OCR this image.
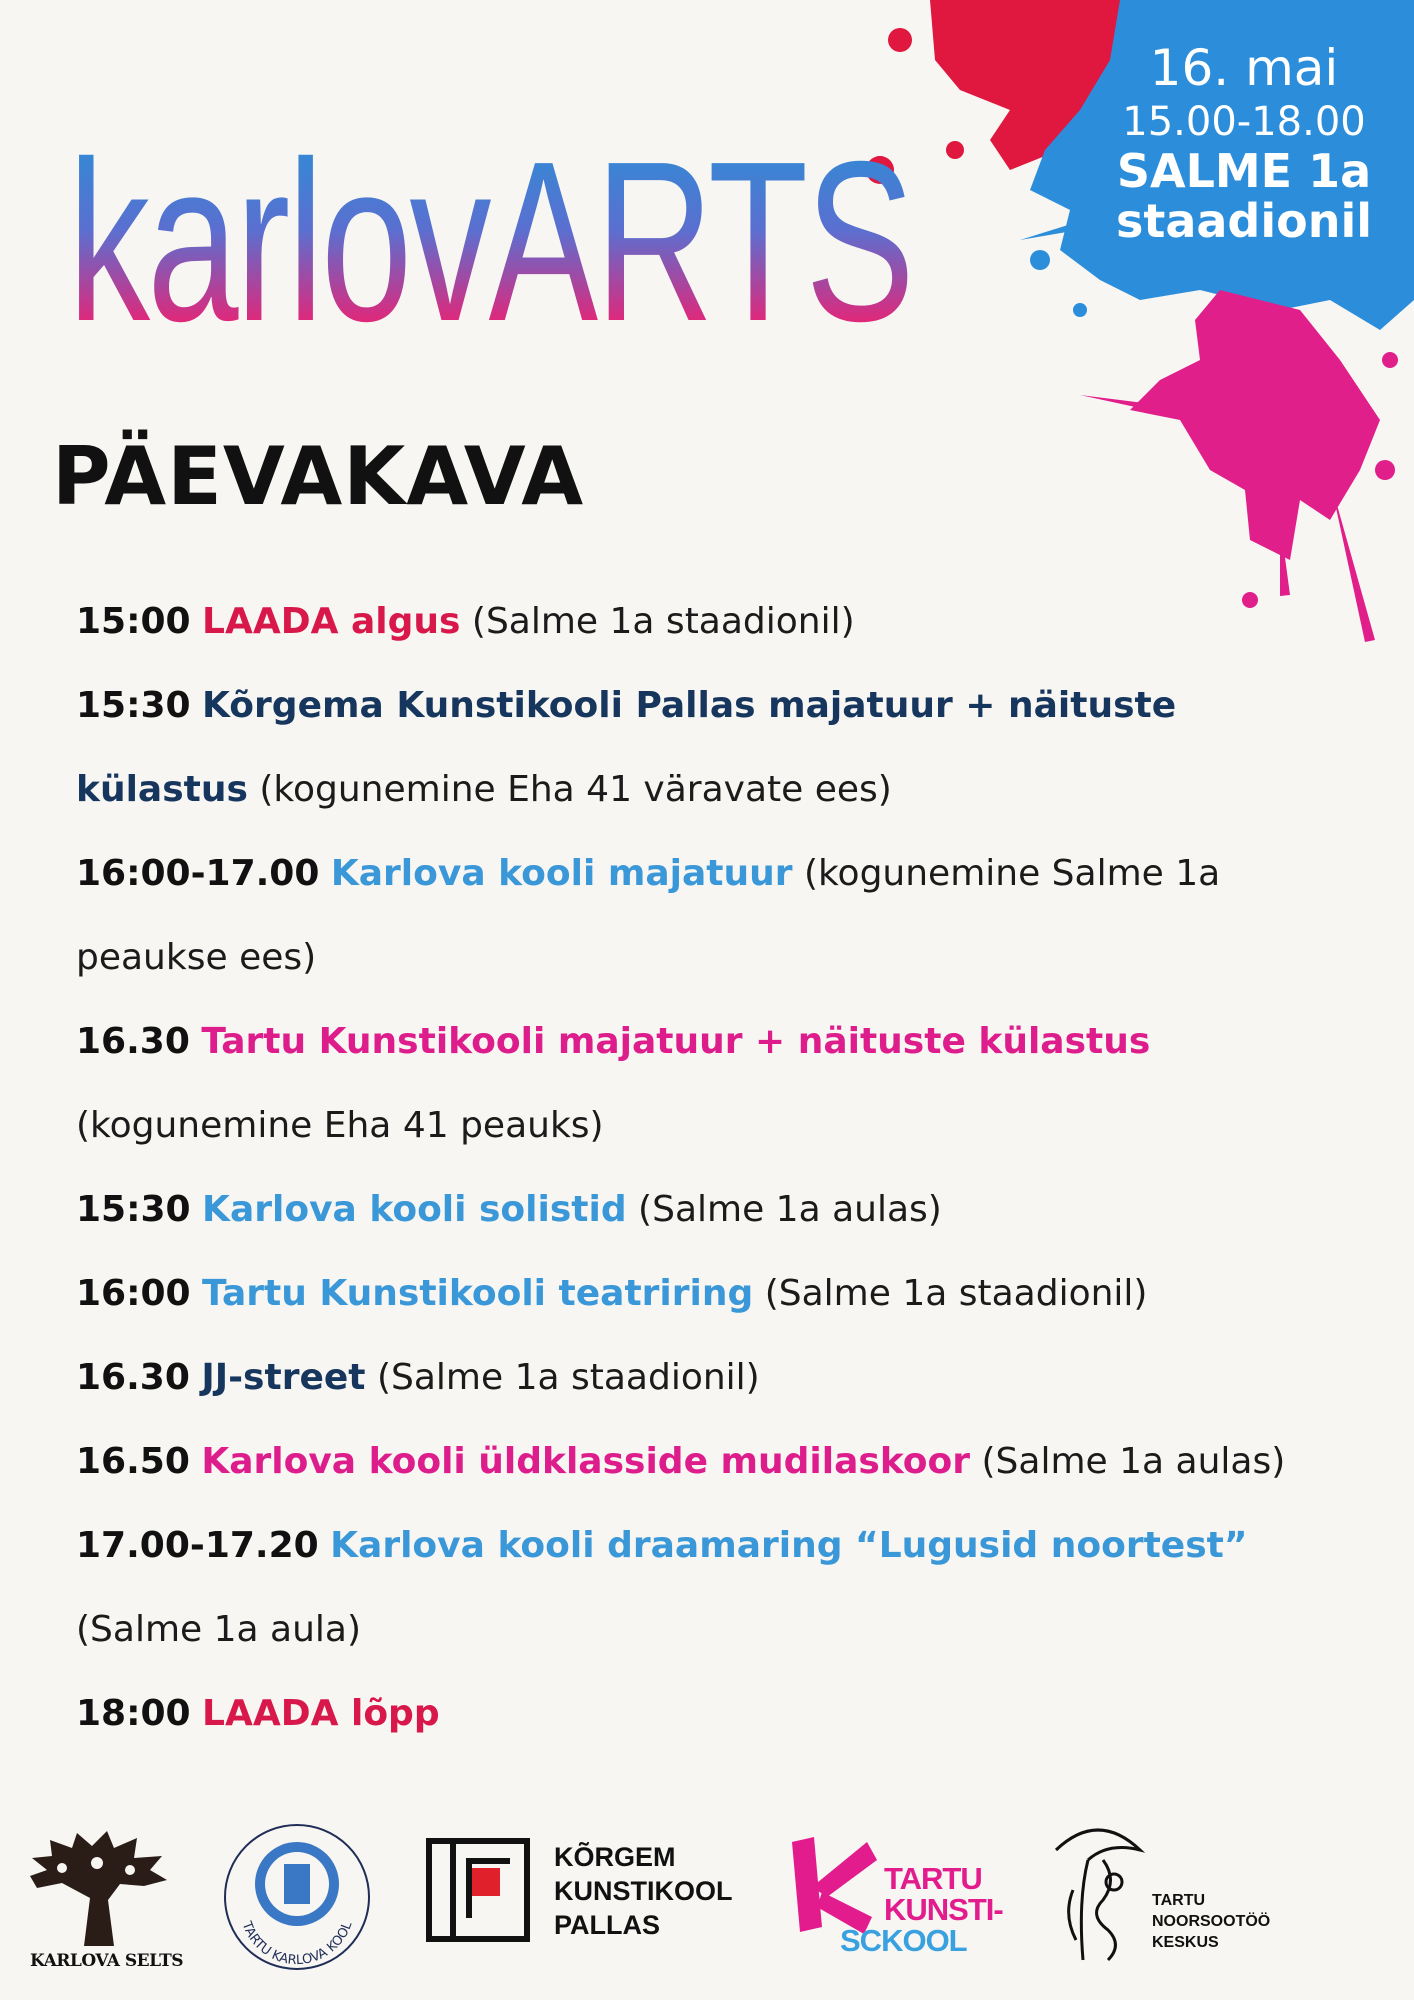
karlovARTS
16. mai
15.00-18.00
SALME 1a
staadionil
PÄEVAKAVA
15:00 LAADA algus (Salme 1a staadionil)
15:30 Kõrgema Kunstikooli Pallas majatuur + näituste külastus (kogunemine Eha 41 väravate ees)
16:00-17.00 Karlova kooli majatuur (kogunemine Salme 1a peaukse ees)
16.30 Tartu Kunstikooli majatuur + näituste külastus (kogunemine Eha 41 peauks)
15:30 Karlova kooli solistid (Salme 1a aulas)
16:00 Tartu Kunstikooli teatriring (Salme 1a staadionil)
16.30 JJ-street (Salme 1a staadionil)
16.50 Karlova kooli üldklasside mudilaskoor (Salme 1a aulas)
17.00-17.20 Karlova kooli draamaring “Lugusid noortest” (Salme 1a aula)
18:00 LAADA lõpp
KARLOVA SELTS
TARTU KARLOVA KOOL
KÕRGEM
KUNSTIKOOL
PALLAS
TARTU
KUNSTI-
SCKOOL
TARTU
NOORSOOTÖÖ
KESKUS
